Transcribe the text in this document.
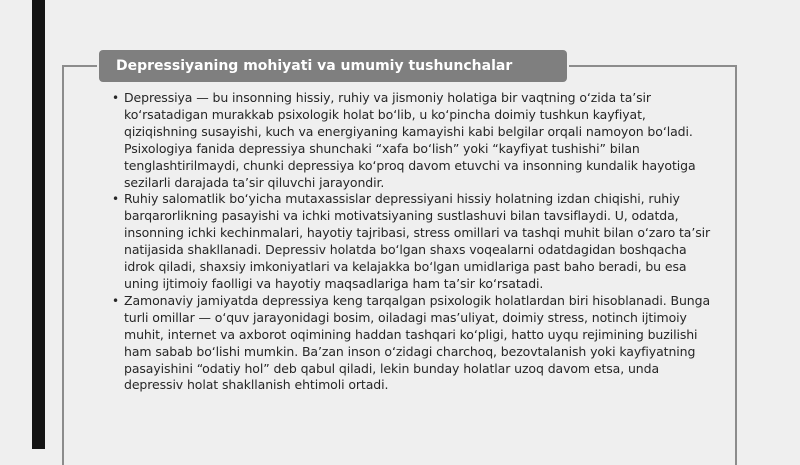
Depressiyaning mohiyati va umumiy tushunchalar
• Depressiya — bu insonning hissiy, ruhiy va jismoniy holatiga bir vaqtning o‘zida ta’sir ko‘rsatadigan murakkab psixologik holat bo‘lib, u ko‘pincha doimiy tushkun kayfiyat, qiziqishning susayishi, kuch va energiyaning kamayishi kabi belgilar orqali namoyon bo‘ladi. Psixologiya fanida depressiya shunchaki “xafa bo‘lish” yoki “kayfiyat tushishi” bilan tenglashtirilmaydi, chunki depressiya ko‘proq davom etuvchi va insonning kundalik hayotiga sezilarli darajada ta’sir qiluvchi jarayondir.
• Ruhiy salomatlik bo‘yicha mutaxassislar depressiyani hissiy holatning izdan chiqishi, ruhiy barqarorlikning pasayishi va ichki motivatsiyaning sustlashuvi bilan tavsiflaydi. U, odatda, insonning ichki kechinmalari, hayotiy tajribasi, stress omillari va tashqi muhit bilan o‘zaro ta’sir natijasida shakllanadi. Depressiv holatda bo‘lgan shaxs voqealarni odatdagidan boshqacha idrok qiladi, shaxsiy imkoniyatlari va kelajakka bo‘lgan umidlariga past baho beradi, bu esa uning ijtimoiy faolligi va hayotiy maqsadlariga ham ta’sir ko‘rsatadi.
• Zamonaviy jamiyatda depressiya keng tarqalgan psixologik holatlardan biri hisoblanadi. Bunga turli omillar — o‘quv jarayonidagi bosim, oiladagi mas’uliyat, doimiy stress, notinch ijtimoiy muhit, internet va axborot oqimining haddan tashqari ko‘pligi, hatto uyqu rejimining buzilishi ham sabab bo‘lishi mumkin. Ba’zan inson o‘zidagi charchoq, bezovtalanish yoki kayfiyatning pasayishini “odatiy hol” deb qabul qiladi, lekin bunday holatlar uzoq davom etsa, unda depressiv holat shakllanish ehtimoli ortadi.
